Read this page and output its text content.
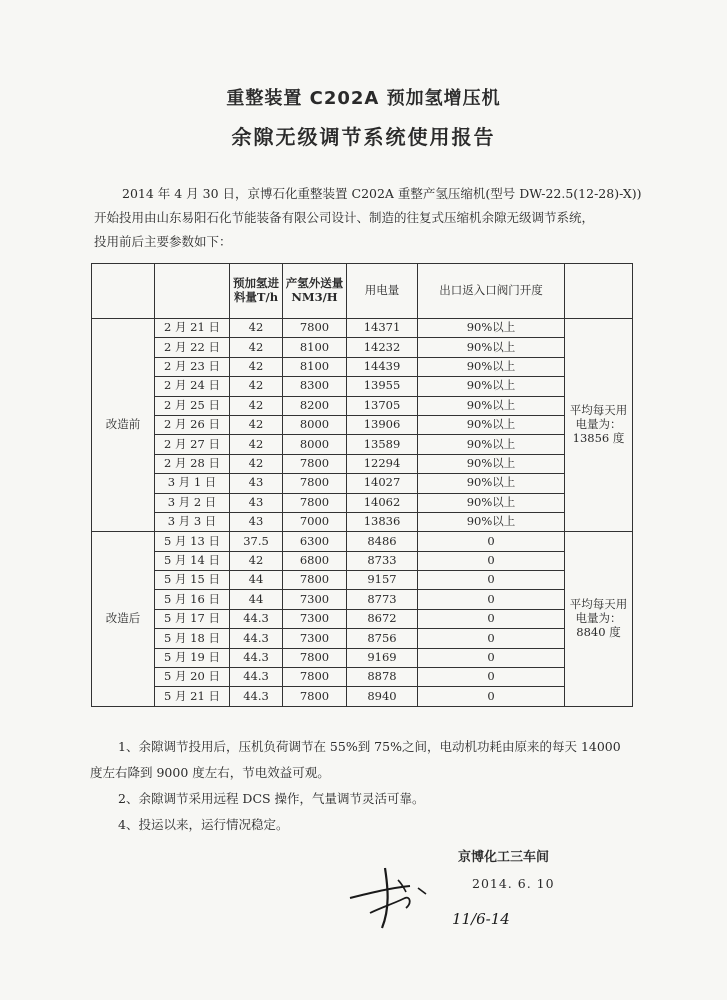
重整装置 C202A 预加氢增压机
余隙无级调节系统使用报告

2014 年 4 月 30 日，京博石化重整装置 C202A 重整产氢压缩机(型号 DW-22.5(12-28)-X))

开始投用由山东易阳石化节能装备有限公司设计、制造的往复式压缩机余隙无级调节系统，

投用前后主要参数如下：

		预加氢进料量T/h	产氢外送量NM3/H	用电量	出口返入口阀门开度	
改造前	2 月 21 日	42	7800	14371	90%以上	平均每天用电量为：13856 度
	2 月 22 日	42	8100	14232	90%以上	
	2 月 23 日	42	8100	14439	90%以上	
	2 月 24 日	42	8300	13955	90%以上	
	2 月 25 日	42	8200	13705	90%以上	
	2 月 26 日	42	8000	13906	90%以上	
	2 月 27 日	42	8000	13589	90%以上	
	2 月 28 日	42	7800	12294	90%以上	
	3 月 1 日	43	7800	14027	90%以上	
	3 月 2 日	43	7800	14062	90%以上	
	3 月 3 日	43	7000	13836	90%以上	
改造后	5 月 13 日	37.5	6300	8486	0	平均每天用电量为：8840 度
	5 月 14 日	42	6800	8733	0	
	5 月 15 日	44	7800	9157	0	
	5 月 16 日	44	7300	8773	0	
	5 月 17 日	44.3	7300	8672	0	
	5 月 18 日	44.3	7300	8756	0	
	5 月 19 日	44.3	7800	9169	0	
	5 月 20 日	44.3	7800	8878	0	
	5 月 21 日	44.3	7800	8940	0	

1、余隙调节投用后，压机负荷调节在 55%到 75%之间，电动机功耗由原来的每天 14000

度左右降到 9000 度左右，节电效益可观。

2、余隙调节采用远程 DCS 操作，气量调节灵活可靠。

4、投运以来，运行情况稳定。

京博化工三车间
2014. 6. 10
11/6-14
